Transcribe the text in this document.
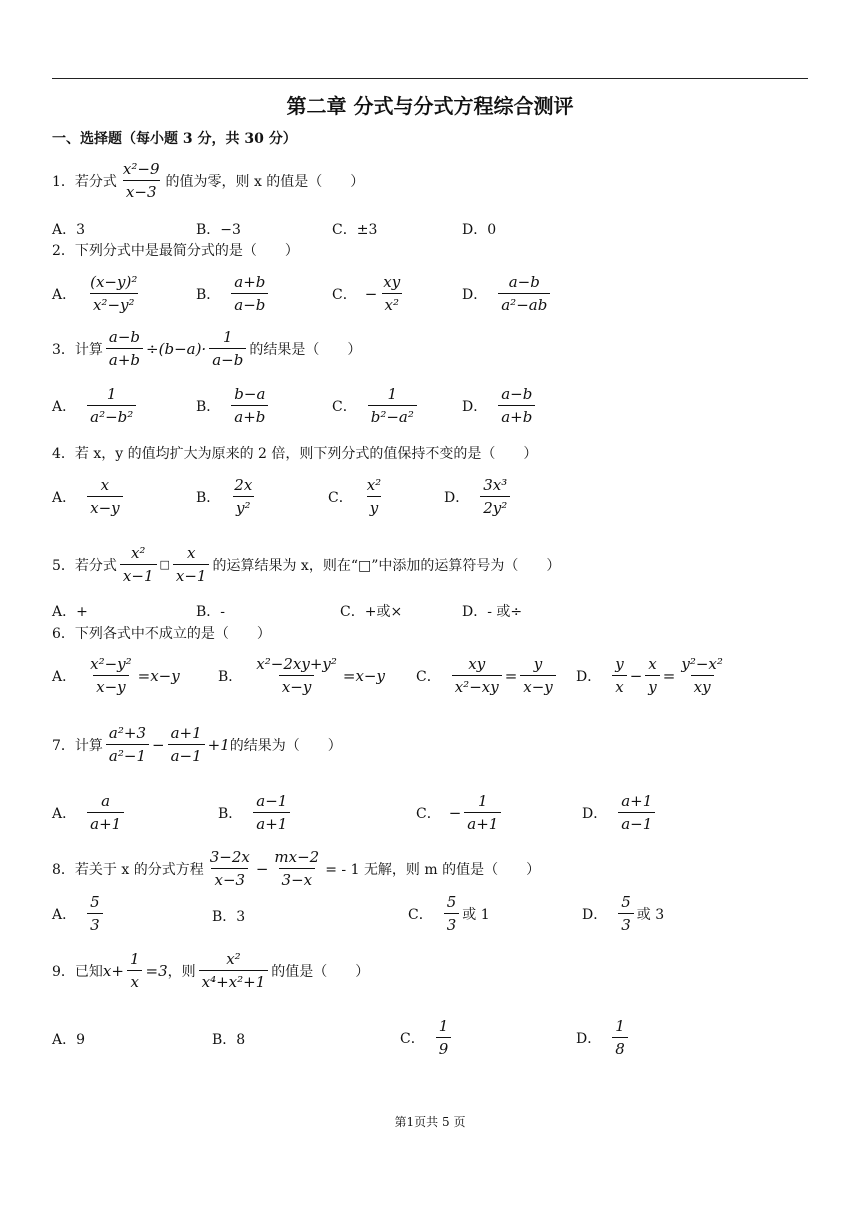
第二章 分式与分式方程综合测评
一、选择题（每小题 3 分，共 30 分）
1． 若分式 $\frac{\text{x²−9}}{x-3}$ 的值为零，则 x 的值是（　　）
A．3	B．−3	C．±3	D．0
2．下列分式中是最简分式的是（　　）
A． $\frac{\text{(x−y)²}}{\text{x²−y²}}$	B． $\frac{a+b}{a-b}$	C． − $\frac{xy}{\text{x²}}$	D． $\frac{a-b}{\text{a²−ab}}$
3． 计算 $\frac{a-b}{a+b} \div(b-a)\cdot \frac{1}{a-b}$ 的结果是（　　）
A． $\frac{1}{\text{a²−b²}}$	B． $\frac{b-a}{a+b}$	C． $\frac{1}{\text{b²−a²}}$	D． $\frac{a-b}{a+b}$
4．若 x，y 的值均扩大为原来的 2 倍，则下列分式的值保持不变的是（　　）
A． $\frac{x}{x-y}$	B． $\frac{2x}{\text{y²}}$	C． $\frac{\text{x²}}{y}$	D． $\frac{\text{3x³}}{\text{2y²}}$
5． 若分式 $\frac{\text{x²}}{x-1}$ □ $\frac{x}{x-1}$ 的运算结果为 x，则在“□”中添加的运算符号为（　　）
A．+	B．-	C．+或×	D．- 或÷
6．下列各式中不成立的是（　　）
A． $\frac{\text{x²−y²}}{x-y} =x-y$	B． $\frac{\text{x²−2xy+y²}}{x-y} =x-y$ C． $\frac{xy}{\text{x²−xy}} = \frac{y}{x-y}$ D． $\frac{y}{x} - \frac{x}{y} = \frac{\text{y²−x²}}{xy}$
7． 计算 $\frac{\text{a²+3}}{\text{a²−1}} - \frac{a+1}{a-1} +1$ 的结果为（　　）
A． $\frac{a}{a+1}$	B． $\frac{a-1}{a+1}$	C． − $\frac{1}{a+1}$	D． $\frac{a+1}{a-1}$
8． 若关于 x 的分式方程 $\frac{3-2x}{x-3} - \frac{mx-2}{3-x}$ = - 1 无解，则 m 的值是（　　）
A． $\frac{5}{3}$	B．3	C． $\frac{5}{3}$ 或 1	D． $\frac{5}{3}$ 或 3
9． 已知 $x+ \frac{1}{x} =3$ ，则 $\frac{\text{x²}}{\text{x⁴+x²+1}}$ 的值是（　　）
A．9	B．8	C． $\frac{1}{9}$	D． $\frac{1}{8}$
第1页共 5 页
